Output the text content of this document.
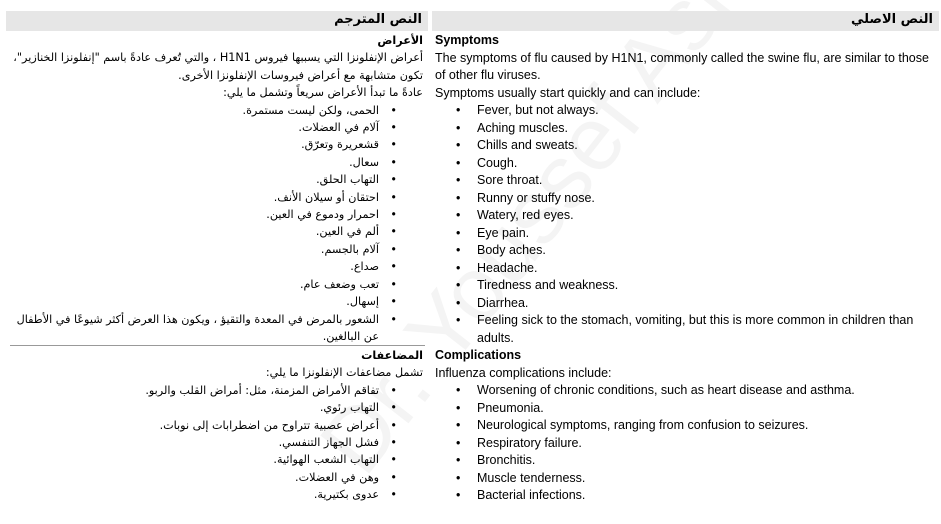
النص المترجم	النص الاصلي
الأعراض
أعراض الإنفلونزا التي يسببها فيروس H1N1 ، والتي تُعرف عادةً باسم "إنفلونزا الخنازير"، تكون متشابهة مع أعراض فيروسات الإنفلونزا الأخرى.
عادةً ما تبدأ الأعراض سريعاً وتشمل ما يلي:
• الحمى، ولكن ليست مستمرة.
• آلام في العضلات.
• قشعريرة وتعرّق.
• سعال.
• التهاب الحلق.
• احتقان أو سيلان الأنف.
• احمرار ودموع في العين.
• ألم في العين.
• آلام بالجسم.
• صداع.
• تعب وضعف عام.
• إسهال.
• الشعور بالمرض في المعدة والتقيؤ ، ويكون هذا العرض أكثر شيوعًا في الأطفال عن البالغين.
المضاعفات
تشمل مضاعفات الإنفلونزا ما يلي:
• تفاقم الأمراض المزمنة، مثل: أمراض القلب والربو.
• التهاب رئوي.
• أعراض عصبية تتراوح من اضطرابات إلى نوبات.
• فشل الجهاز التنفسي.
• التهاب الشعب الهوائية.
• وهن في العضلات.
• عدوى بكتيرية.
Symptoms
The symptoms of flu caused by H1N1, commonly called the swine flu, are similar to those of other flu viruses.
Symptoms usually start quickly and can include:
• Fever, but not always.
• Aching muscles.
• Chills and sweats.
• Cough.
• Sore throat.
• Runny or stuffy nose.
• Watery, red eyes.
• Eye pain.
• Body aches.
• Headache.
• Tiredness and weakness.
• Diarrhea.
• Feeling sick to the stomach, vomiting, but this is more common in children than adults.
Complications
Influenza complications include:
• Worsening of chronic conditions, such as heart disease and asthma.
• Pneumonia.
• Neurological symptoms, ranging from confusion to seizures.
• Respiratory failure.
• Bronchitis.
• Muscle tenderness.
• Bacterial infections.
